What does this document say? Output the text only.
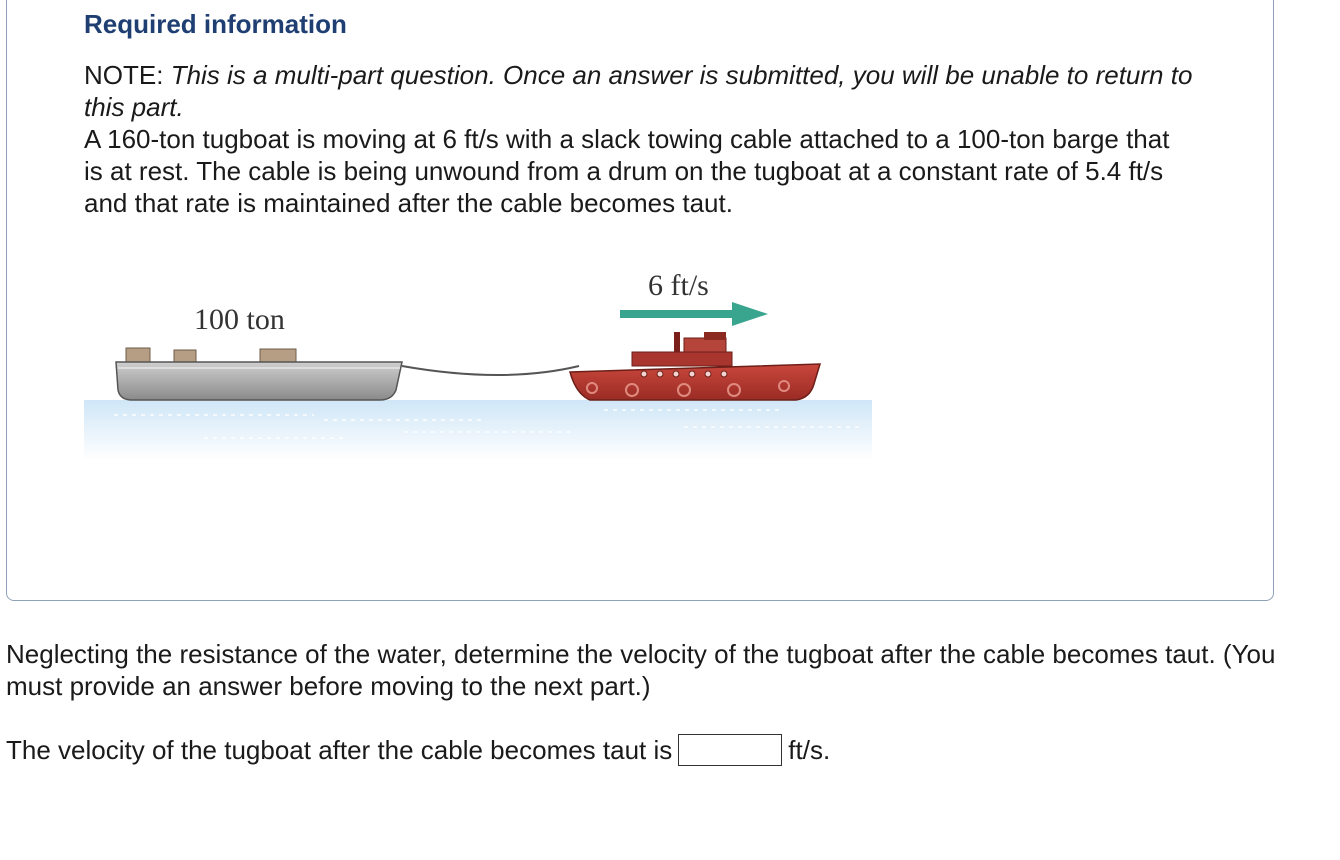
Required information

NOTE: This is a multi-part question. Once an answer is submitted, you will be unable to return to this part.

A 160-ton tugboat is moving at 6 ft/s with a slack towing cable attached to a 100-ton barge that is at rest. The cable is being unwound from a drum on the tugboat at a constant rate of 5.4 ft/s and that rate is maintained after the cable becomes taut.

100 ton
6 ft/s

Neglecting the resistance of the water, determine the velocity of the tugboat after the cable becomes taut. (You must provide an answer before moving to the next part.)

The velocity of the tugboat after the cable becomes taut is	ft/s.
